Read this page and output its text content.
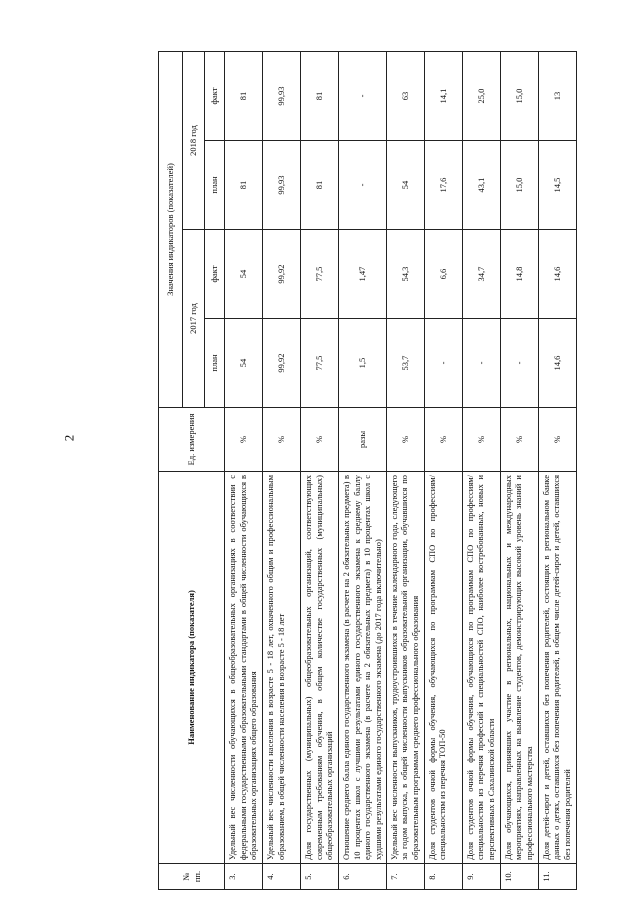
2
№ пп.	Наименование индикатора (показателя)	Ед. измерения	Значения индикаторов (показателей)			
			2017 год		2018 год	
			план	факт	план	факт
3.	Удельный вес численности обучающихся в общеобразовательных организациях в соответствии с федеральными государственными образовательными стандартами в общей численности обучающихся в образовательных организациях общего образования	%	54	54	81	81
4.	Удельный вес численности населения в возрасте 5 - 18 лет, охваченного общим и профессиональным образованием, в общей численности населения в возрасте 5 - 18 лет	%	99,92	99,92	99,93	99,93
5.	Доля государственных (муниципальных) общеобразовательных организаций, соответствующих современным требованиям обучения, в общем количестве государственных (муниципальных) общеобразовательных организаций	%	77,5	77,5	81	81
6.	Отношение среднего балла единого государственного экзамена (в расчете на 2 обязательных предмета) в 10 процентах школ с лучшими результатами единого государственного экзамена к среднему баллу единого государственного экзамена (в расчете на 2 обязательных предмета) в 10 процентах школ с худшими результатами единого государственного экзамена (до 2017 года включительно)	разы	1,5	1,47	-	-
7.	Удельный вес численности выпускников, трудоустроившихся в течение календарного года, следующего за годом выпуска, в общей численности выпускников образовательной организации, обучавшихся по образовательным программам среднего профессионального образования	%	53,7	54,3	54	63
8.	Доля студентов очной формы обучения, обучающихся по программам СПО по профессиям/специальностям из перечня ТОП-50	%	-	6,6	17,6	14,1
9.	Доля студентов очной формы обучения, обучающихся по программам СПО по профессиям/специальностям из перечня профессий и специальностей СПО, наиболее востребованных, новых и перспективных в Сахалинской области	%	-	34,7	43,1	25,0
10.	Доля обучающихся, принявших участие в региональных, национальных и международных мероприятиях, направленных на выявление студентов, демонстрирующих высокий уровень знаний и профессионального мастерства	%	-	14,8	15,0	15,0
11.	Доля детей-сирот и детей, оставшихся без попечения родителей, состоящих в региональном банке данных о детях, оставшихся без попечения родителей, в общем числе детей-сирот и детей, оставшихся без попечения родителей	%	14,6	14,6	14,5	13
